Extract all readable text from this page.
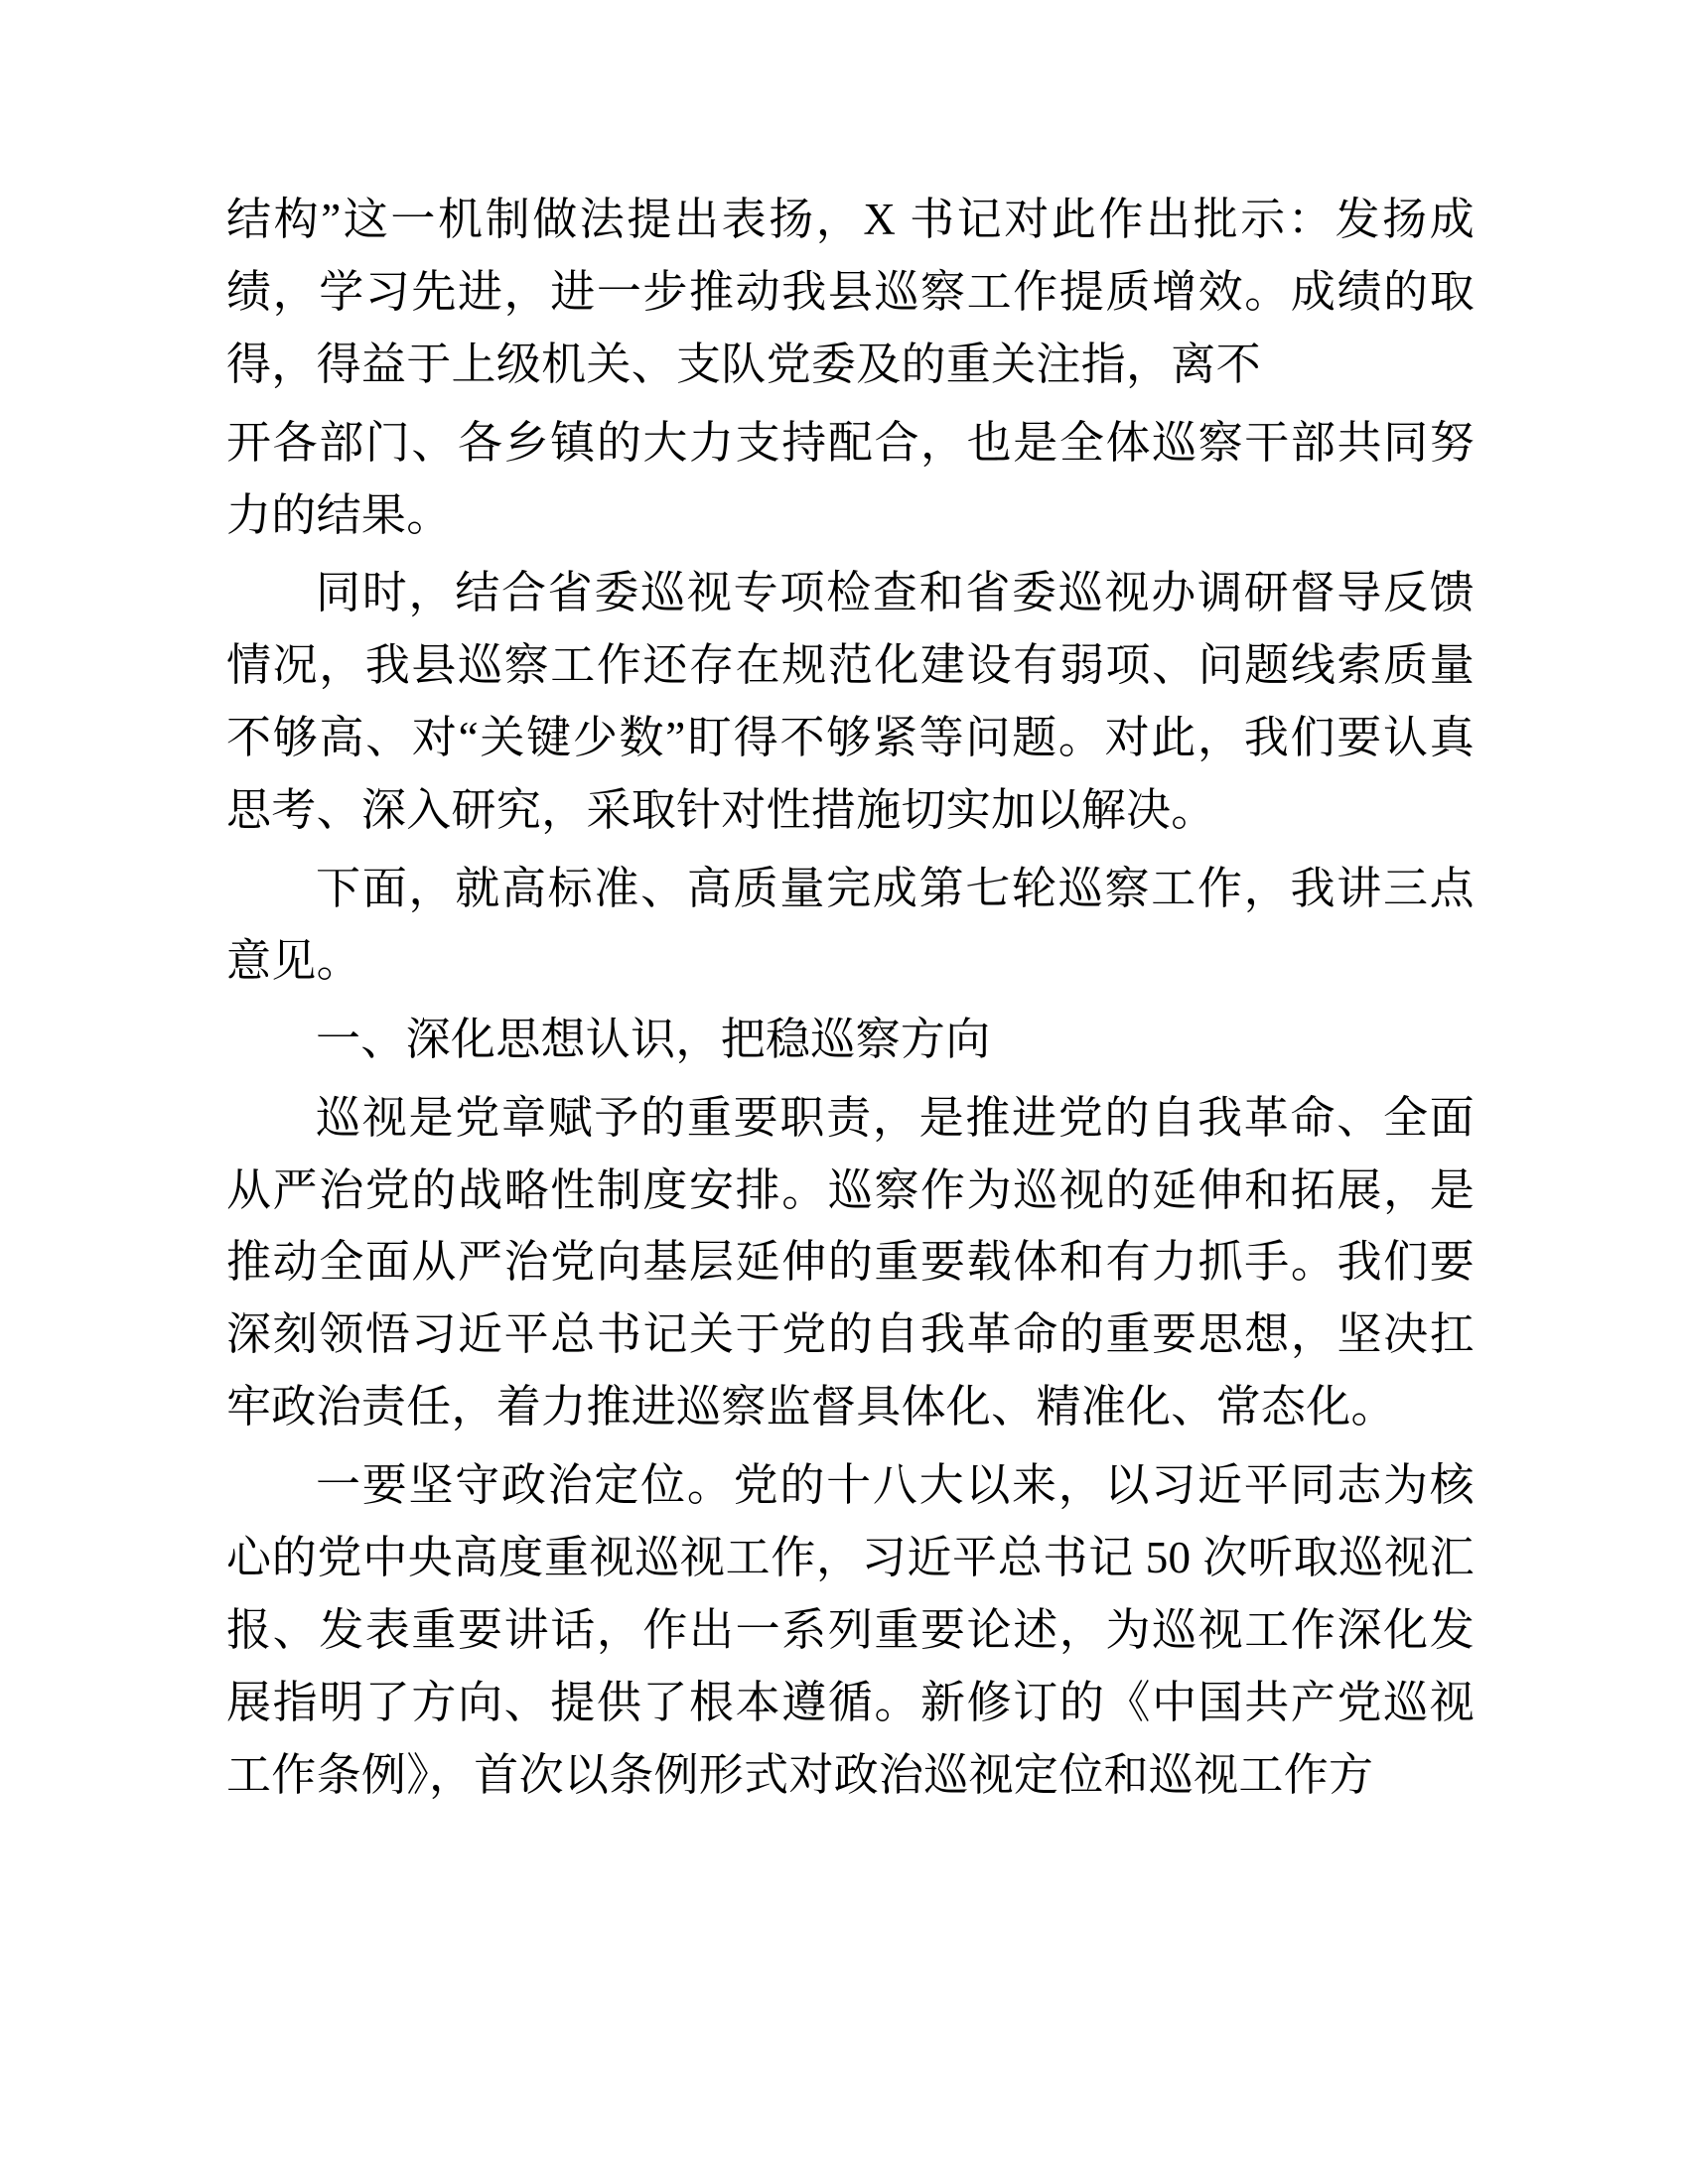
结构”这一机制做法提出表扬，X 书记对此作出批示：发扬成绩，学习先进，进一步推动我县巡察工作提质增效。成绩的取得，得益于上级机关、支队党委及的重关注指，离不

开各部门、各乡镇的大力支持配合，也是全体巡察干部共同努力的结果。

同时，结合省委巡视专项检查和省委巡视办调研督导反馈情况，我县巡察工作还存在规范化建设有弱项、问题线索质量不够高、对“关键少数”盯得不够紧等问题。对此，我们要认真思考、深入研究，采取针对性措施切实加以解决。

下面，就高标准、高质量完成第七轮巡察工作，我讲三点意见。

一、深化思想认识，把稳巡察方向

巡视是党章赋予的重要职责，是推进党的自我革命、全面从严治党的战略性制度安排。巡察作为巡视的延伸和拓展，是推动全面从严治党向基层延伸的重要载体和有力抓手。我们要深刻领悟习近平总书记关于党的自我革命的重要思想，坚决扛牢政治责任，着力推进巡察监督具体化、精准化、常态化。

一要坚守政治定位。党的十八大以来，以习近平同志为核心的党中央高度重视巡视工作，习近平总书记 50 次听取巡视汇报、发表重要讲话，作出一系列重要论述，为巡视工作深化发展指明了方向、提供了根本遵循。新修订的《中国共产党巡视工作条例》，首次以条例形式对政治巡视定位和巡视工作方
